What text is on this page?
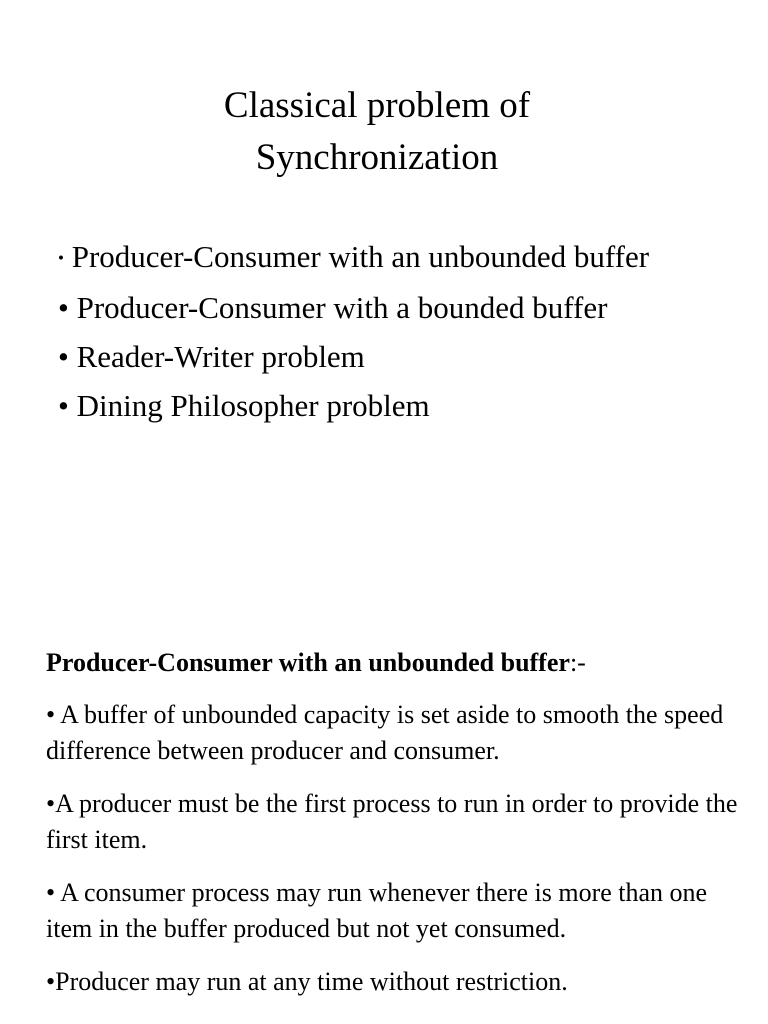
Classical problem of
Synchronization
• Producer-Consumer with an unbounded buffer
• Producer-Consumer with a bounded buffer
• Reader-Writer problem
• Dining Philosopher problem

Producer-Consumer with an unbounded buffer:-

• A buffer of unbounded capacity is set aside to smooth the speed difference between producer and consumer.

•A producer must be the first process to run in order to provide the first item.

• A consumer process may run whenever there is more than one item in the buffer produced but not yet consumed.

•Producer may run at any time without restriction.
